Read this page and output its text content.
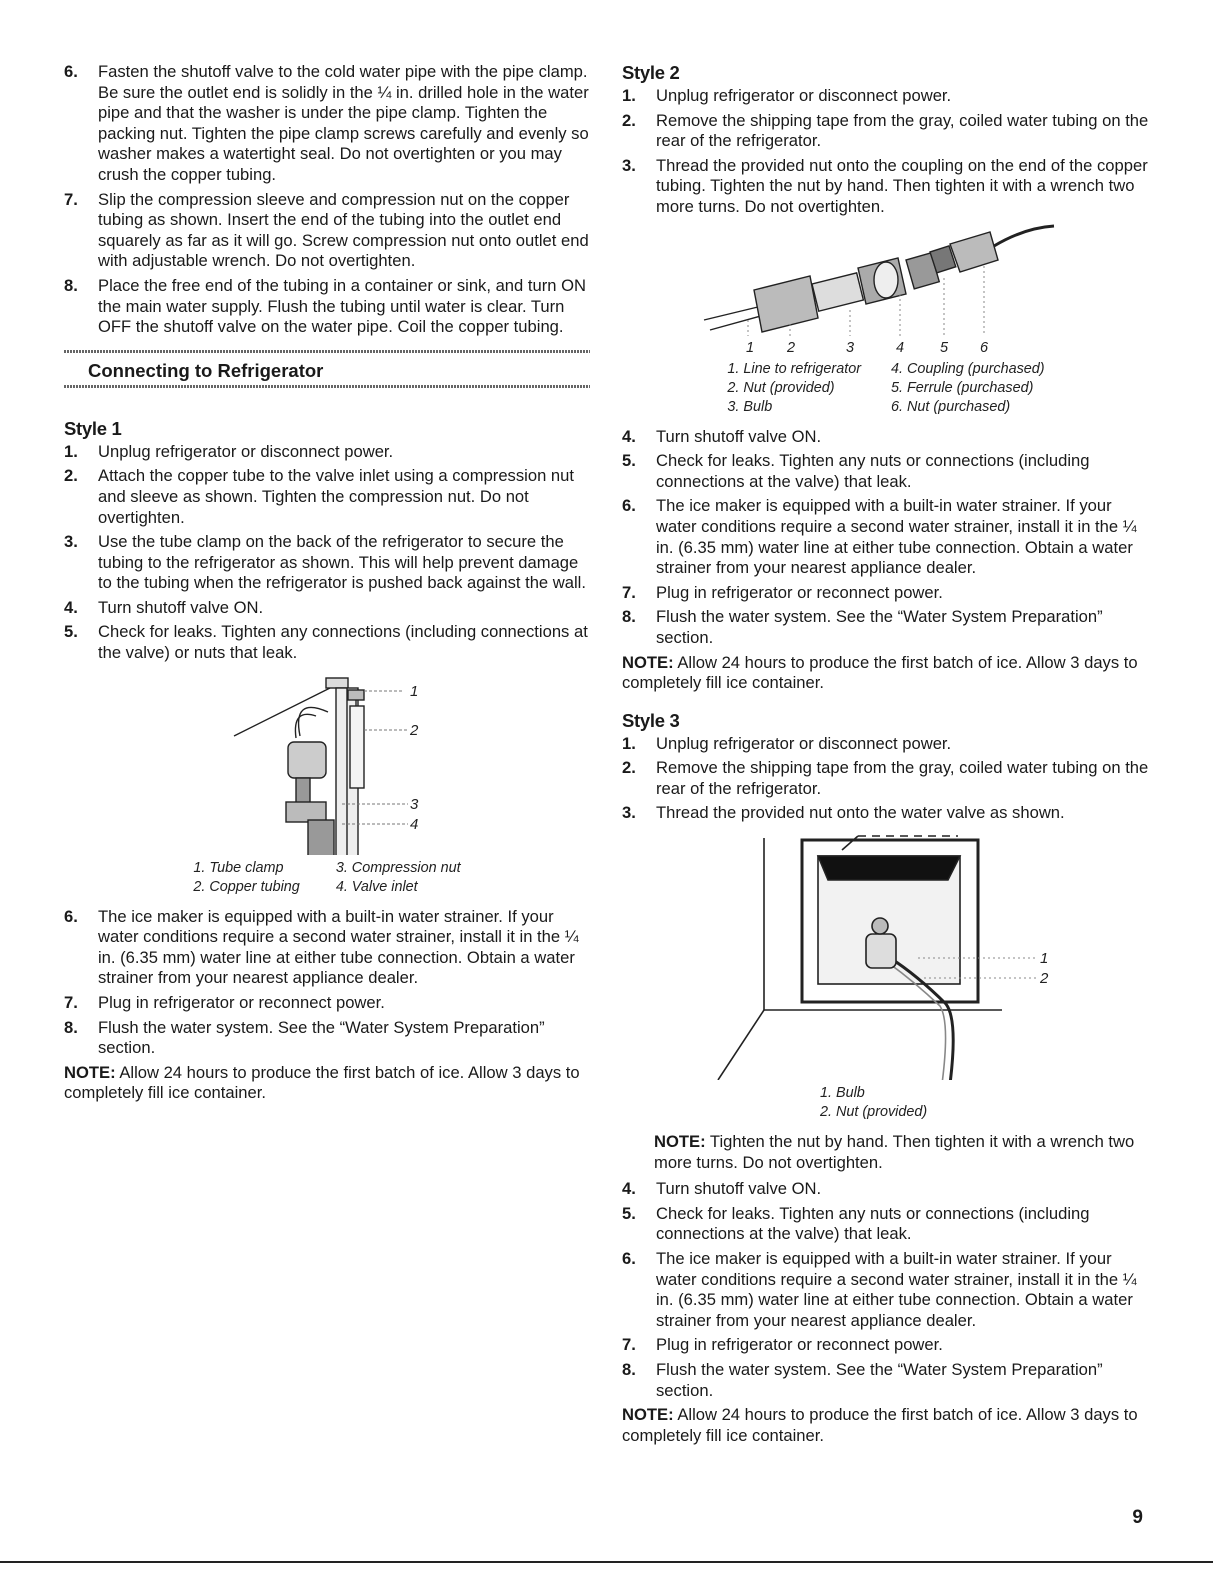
6. Fasten the shutoff valve to the cold water pipe with the pipe clamp. Be sure the outlet end is solidly in the ¼ in. drilled hole in the water pipe and that the washer is under the pipe clamp. Tighten the packing nut. Tighten the pipe clamp screws carefully and evenly so washer makes a watertight seal. Do not overtighten or you may crush the copper tubing.
7. Slip the compression sleeve and compression nut on the copper tubing as shown. Insert the end of the tubing into the outlet end squarely as far as it will go. Screw compression nut onto outlet end with adjustable wrench. Do not overtighten.
8. Place the free end of the tubing in a container or sink, and turn ON the main water supply. Flush the tubing until water is clear. Turn OFF the shutoff valve on the water pipe. Coil the copper tubing.
Connecting to Refrigerator
Style 1
1. Unplug refrigerator or disconnect power.
2. Attach the copper tube to the valve inlet using a compression nut and sleeve as shown. Tighten the compression nut. Do not overtighten.
3. Use the tube clamp on the back of the refrigerator to secure the tubing to the refrigerator as shown. This will help prevent damage to the tubing when the refrigerator is pushed back against the wall.
4. Turn shutoff valve ON.
5. Check for leaks. Tighten any connections (including connections at the valve) or nuts that leak.
1
2
3
4
1. Tube clamp	3. Compression nut
2. Copper tubing	4. Valve inlet
6. The ice maker is equipped with a built-in water strainer. If your water conditions require a second water strainer, install it in the ¼ in. (6.35 mm) water line at either tube connection. Obtain a water strainer from your nearest appliance dealer.
7. Plug in refrigerator or reconnect power.
8. Flush the water system. See the “Water System Preparation” section.

NOTE: Allow 24 hours to produce the first batch of ice. Allow 3 days to completely fill ice container.

Style 2
1. Unplug refrigerator or disconnect power.
2. Remove the shipping tape from the gray, coiled water tubing on the rear of the refrigerator.
3. Thread the provided nut onto the coupling on the end of the copper tubing. Tighten the nut by hand. Then tighten it with a wrench two more turns. Do not overtighten.
1 2	3	4 5 6
1. Line to refrigerator 4. Coupling (purchased)
2. Nut (provided)	5. Ferrule (purchased)
3. Bulb	6. Nut (purchased)
4. Turn shutoff valve ON.
5. Check for leaks. Tighten any nuts or connections (including connections at the valve) that leak.
6. The ice maker is equipped with a built-in water strainer. If your water conditions require a second water strainer, install it in the ¼ in. (6.35 mm) water line at either tube connection. Obtain a water strainer from your nearest appliance dealer.
7. Plug in refrigerator or reconnect power.
8. Flush the water system. See the “Water System Preparation” section.

NOTE: Allow 24 hours to produce the first batch of ice. Allow 3 days to completely fill ice container.

Style 3
1. Unplug refrigerator or disconnect power.
2. Remove the shipping tape from the gray, coiled water tubing on the rear of the refrigerator.
3. Thread the provided nut onto the water valve as shown.
1
2
1. Bulb
2. Nut (provided)

NOTE: Tighten the nut by hand. Then tighten it with a wrench two more turns. Do not overtighten.

4. Turn shutoff valve ON.
5. Check for leaks. Tighten any nuts or connections (including connections at the valve) that leak.
6. The ice maker is equipped with a built-in water strainer. If your water conditions require a second water strainer, install it in the ¼ in. (6.35 mm) water line at either tube connection. Obtain a water strainer from your nearest appliance dealer.
7. Plug in refrigerator or reconnect power.
8. Flush the water system. See the “Water System Preparation” section.

NOTE: Allow 24 hours to produce the first batch of ice. Allow 3 days to completely fill ice container.

9
